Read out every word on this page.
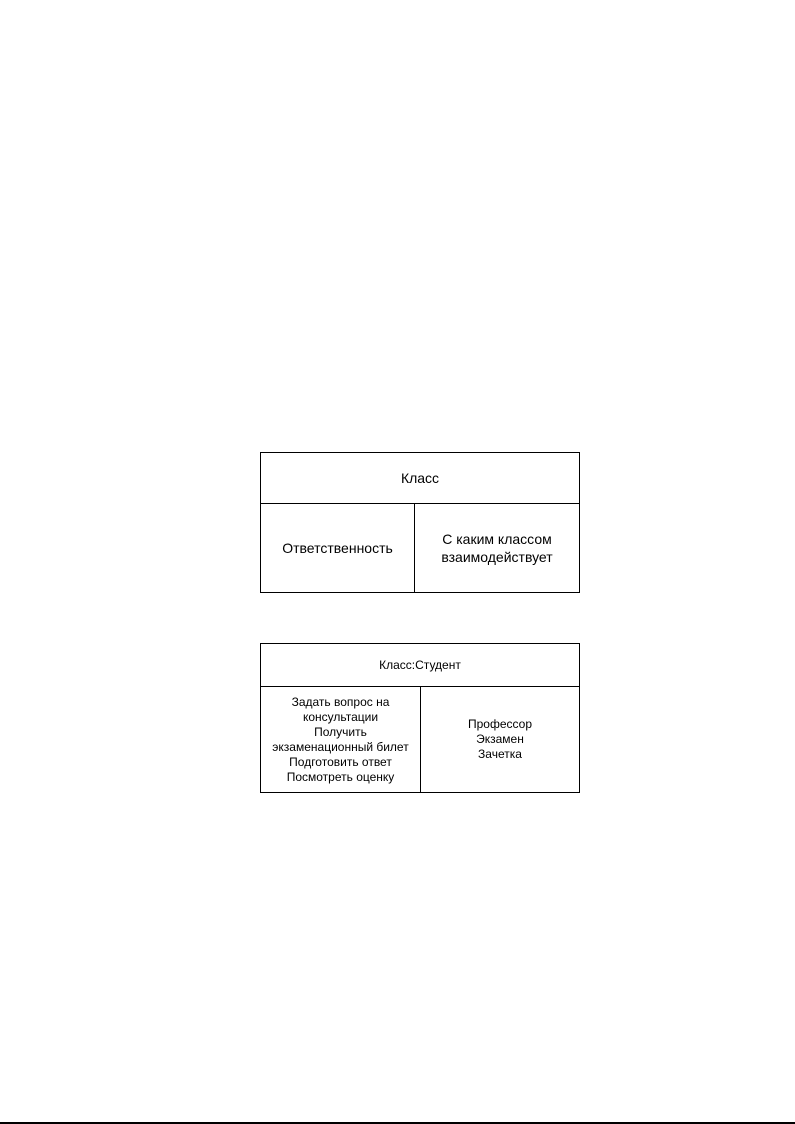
Класс
Ответственность
С каким классом
взаимодействует
Класс:Студент
Задать вопрос на
консультации
Получить
экзаменационный билет
Подготовить ответ
Посмотреть оценку
Профессор
Экзамен
Зачетка
